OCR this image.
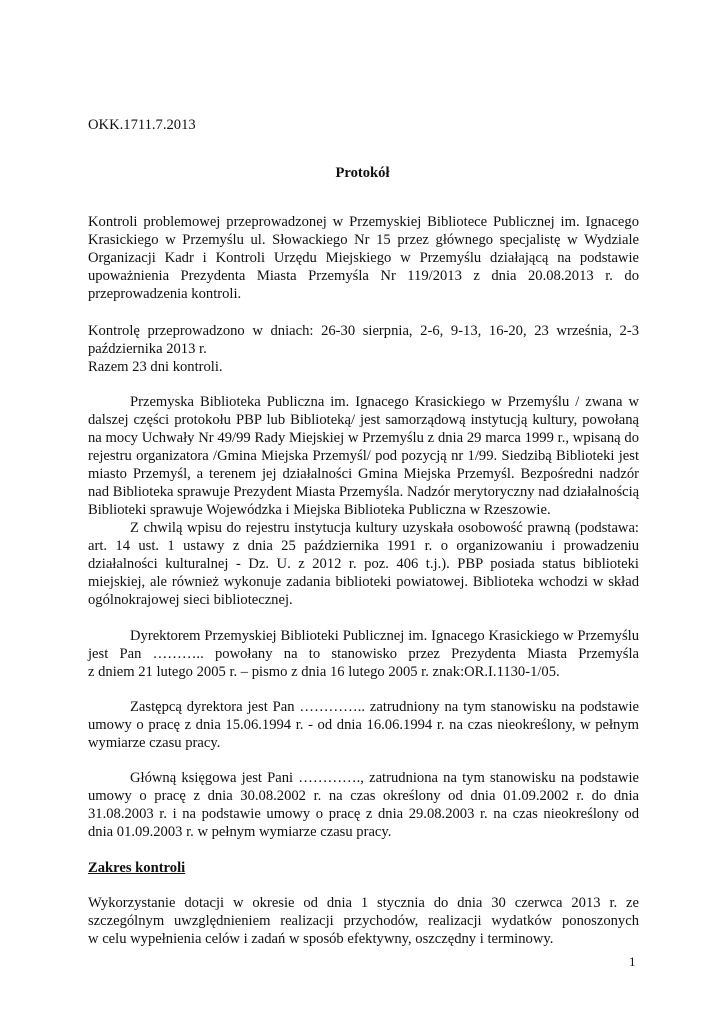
OKK.1711.7.2013
Protokół
Kontroli problemowej przeprowadzonej w Przemyskiej Bibliotece Publicznej im. Ignacego
Krasickiego w Przemyślu ul. Słowackiego Nr 15 przez głównego specjalistę w Wydziale
Organizacji Kadr i Kontroli Urzędu Miejskiego w Przemyślu działającą na podstawie
upoważnienia Prezydenta Miasta Przemyśla Nr 119/2013 z dnia 20.08.2013 r. do
przeprowadzenia kontroli.
Kontrolę przeprowadzono w dniach: 26-30 sierpnia, 2-6, 9-13, 16-20, 23 września, 2-3
października 2013 r.
Razem 23 dni kontroli.
Przemyska Biblioteka Publiczna im. Ignacego Krasickiego w Przemyślu / zwana w
dalszej części protokołu PBP lub Biblioteką/ jest samorządową instytucją kultury, powołaną
na mocy Uchwały Nr 49/99 Rady Miejskiej w Przemyślu z dnia 29 marca 1999 r., wpisaną do
rejestru organizatora /Gmina Miejska Przemyśl/ pod pozycją nr 1/99. Siedzibą Biblioteki jest
miasto Przemyśl, a terenem jej działalności Gmina Miejska Przemyśl. Bezpośredni nadzór
nad Biblioteka sprawuje Prezydent Miasta Przemyśla. Nadzór merytoryczny nad działalnością
Biblioteki sprawuje Wojewódzka i Miejska Biblioteka Publiczna w Rzeszowie.
Z chwilą wpisu do rejestru instytucja kultury uzyskała osobowość prawną (podstawa:
art. 14 ust. 1 ustawy z dnia 25 października 1991 r. o organizowaniu i prowadzeniu
działalności kulturalnej - Dz. U. z 2012 r. poz. 406 t.j.). PBP posiada status biblioteki
miejskiej, ale również wykonuje zadania biblioteki powiatowej. Biblioteka wchodzi w skład
ogólnokrajowej sieci bibliotecznej.
Dyrektorem Przemyskiej Biblioteki Publicznej im. Ignacego Krasickiego w Przemyślu
jest Pan ……….. powołany na to stanowisko przez Prezydenta Miasta Przemyśla
z dniem 21 lutego 2005 r. – pismo z dnia 16 lutego 2005 r. znak:OR.I.1130-1/05.
Zastępcą dyrektora jest Pan ………….. zatrudniony na tym stanowisku na podstawie
umowy o pracę z dnia 15.06.1994 r. - od dnia 16.06.1994 r. na czas nieokreślony, w pełnym
wymiarze czasu pracy.
Główną księgowa jest Pani …………., zatrudniona na tym stanowisku na podstawie
umowy o pracę z dnia 30.08.2002 r. na czas określony od dnia 01.09.2002 r. do dnia
31.08.2003 r. i na podstawie umowy o pracę z dnia 29.08.2003 r. na czas nieokreślony od
dnia 01.09.2003 r. w pełnym wymiarze czasu pracy.
Zakres kontroli
Wykorzystanie dotacji w okresie od dnia 1 stycznia do dnia 30 czerwca 2013 r. ze
szczególnym uwzględnieniem realizacji przychodów, realizacji wydatków ponoszonych
w celu wypełnienia celów i zadań w sposób efektywny, oszczędny i terminowy.
1
